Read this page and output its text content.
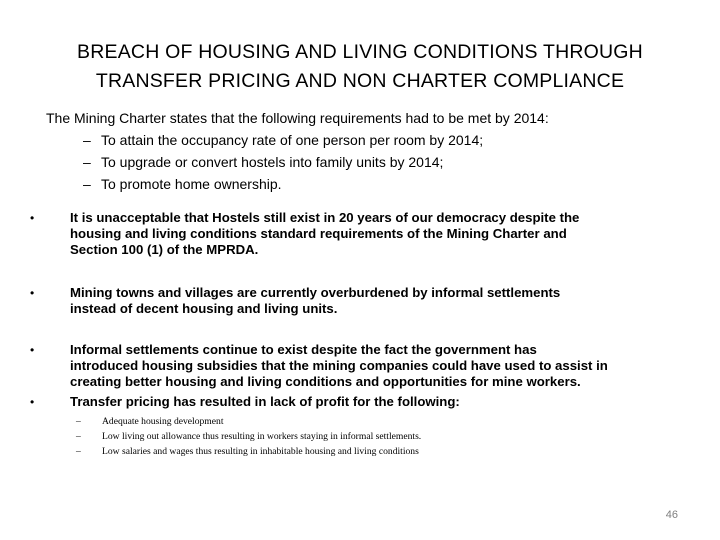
BREACH OF HOUSING AND LIVING CONDITIONS THROUGH
TRANSFER PRICING AND NON CHARTER COMPLIANCE
The Mining Charter states that the following requirements had to be met by 2014:
– To attain the occupancy rate of one person per room by 2014;
– To upgrade or convert hostels into family units by 2014;
– To promote home ownership.
•	It is unacceptable that Hostels still exist in 20 years of our democracy despite the
housing and living conditions standard requirements of the Mining Charter and
Section 100 (1) of the MPRDA.
•	Mining towns and villages are currently overburdened by informal settlements
instead of decent housing and living units.
•	Informal settlements continue to exist despite the fact the government has
introduced housing subsidies that the mining companies could have used to assist in
creating better housing and living conditions and opportunities for mine workers.
•	Transfer pricing has resulted in lack of profit for the following:
– Adequate housing development
– Low living out allowance thus resulting in workers staying in informal settlements.
– Low salaries and wages thus resulting in inhabitable housing and living conditions
46
